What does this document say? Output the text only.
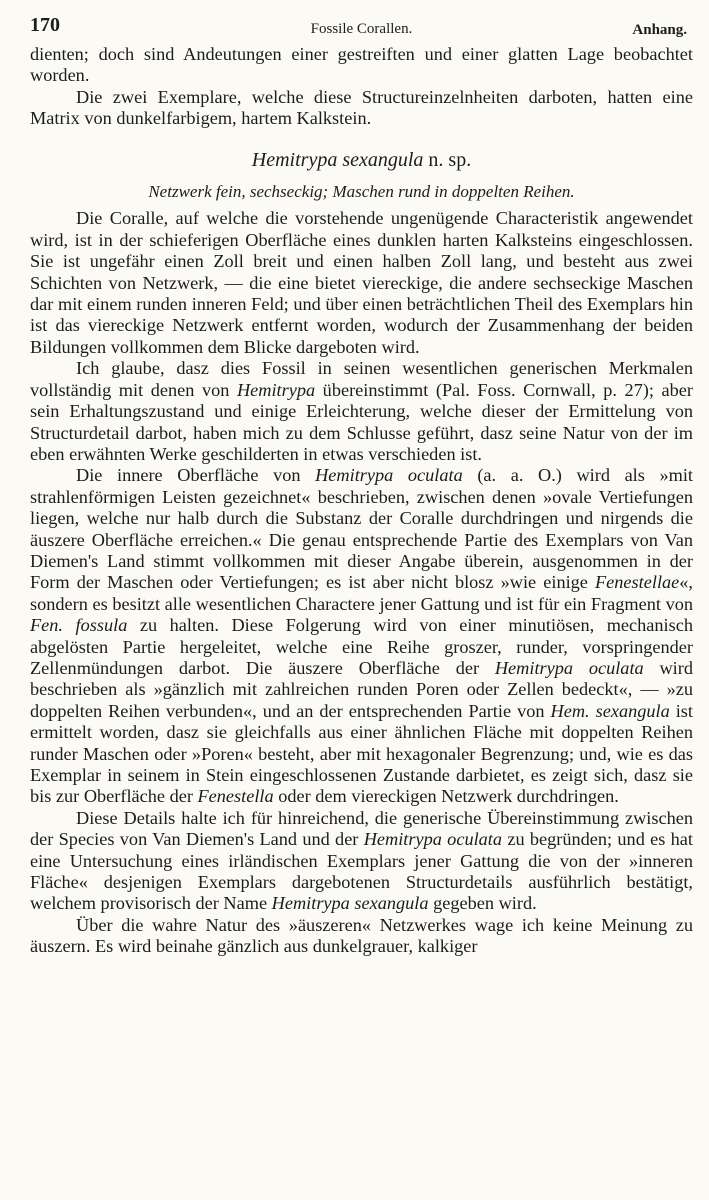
170	Fossile Corallen.	Anhang.

dienten; doch sind Andeutungen einer gestreiften und einer glatten Lage beobachtet worden.

Die zwei Exemplare, welche diese Structureinzelnheiten darboten, hatten eine Matrix von dunkelfarbigem, hartem Kalkstein.

Hemitrypa sexangula n. sp.
Netzwerk fein, sechseckig; Maschen rund in doppelten Reihen.

Die Coralle, auf welche die vorstehende ungenügende Characteristik angewendet wird, ist in der schieferigen Oberfläche eines dunklen harten Kalksteins eingeschlossen. Sie ist ungefähr einen Zoll breit und einen halben Zoll lang, und besteht aus zwei Schichten von Netzwerk, — die eine bietet viereckige, die andere sechseckige Maschen dar mit einem runden inneren Feld; und über einen beträchtlichen Theil des Exemplars hin ist das viereckige Netzwerk entfernt worden, wodurch der Zusammenhang der beiden Bildungen vollkommen dem Blicke dargeboten wird.

Ich glaube, dasz dies Fossil in seinen wesentlichen generischen Merkmalen vollständig mit denen von Hemitrypa übereinstimmt (Pal. Foss. Cornwall, p. 27); aber sein Erhaltungszustand und einige Erleichterung, welche dieser der Ermittelung von Structurdetail darbot, haben mich zu dem Schlusse geführt, dasz seine Natur von der im eben erwähnten Werke geschilderten in etwas verschieden ist.

Die innere Oberfläche von Hemitrypa oculata (a. a. O.) wird als »mit strahlenförmigen Leisten gezeichnet« beschrieben, zwischen denen »ovale Vertiefungen liegen, welche nur halb durch die Substanz der Coralle durchdringen und nirgends die äuszere Oberfläche erreichen.« Die genau entsprechende Partie des Exemplars von Van Diemen's Land stimmt vollkommen mit dieser Angabe überein, ausgenommen in der Form der Maschen oder Vertiefungen; es ist aber nicht blosz »wie einige Fenestellae«, sondern es besitzt alle wesentlichen Charactere jener Gattung und ist für ein Fragment von Fen. fossula zu halten. Diese Folgerung wird von einer minutiösen, mechanisch abgelösten Partie hergeleitet, welche eine Reihe groszer, runder, vorspringender Zellenmündungen darbot. Die äuszere Oberfläche der Hemitrypa oculata wird beschrieben als »gänzlich mit zahlreichen runden Poren oder Zellen bedeckt«, — »zu doppelten Reihen verbunden«, und an der entsprechenden Partie von Hem. sexangula ist ermittelt worden, dasz sie gleichfalls aus einer ähnlichen Fläche mit doppelten Reihen runder Maschen oder »Poren« besteht, aber mit hexagonaler Begrenzung; und, wie es das Exemplar in seinem in Stein eingeschlossenen Zustande darbietet, es zeigt sich, dasz sie bis zur Oberfläche der Fenestella oder dem viereckigen Netzwerk durchdringen.

Diese Details halte ich für hinreichend, die generische Übereinstimmung zwischen der Species von Van Diemen's Land und der Hemitrypa oculata zu begründen; und es hat eine Untersuchung eines irländischen Exemplars jener Gattung die von der »inneren Fläche« desjenigen Exemplars dargebotenen Structurdetails ausführlich bestätigt, welchem provisorisch der Name Hemitrypa sexangula gegeben wird.

Über die wahre Natur des »äuszeren« Netzwerkes wage ich keine Meinung zu äuszern. Es wird beinahe gänzlich aus dunkelgrauer, kalkiger
